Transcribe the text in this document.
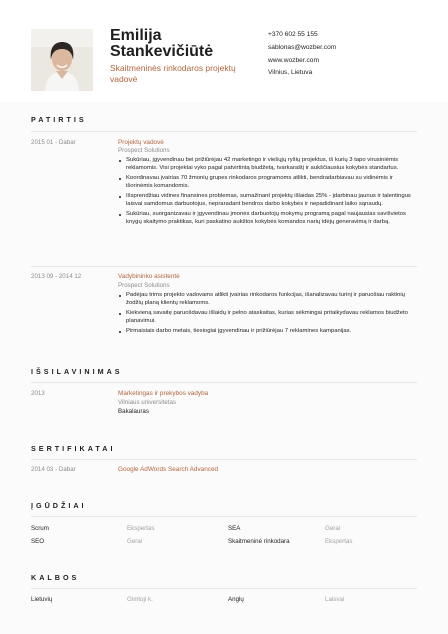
Emilija
Stankevičiūtė
Skaitmeninės rinkodaros projektų vadovė
+370 602 55 155
sablonas@wozber.com
www.wozber.com
Vilnius, Lietuva
PATIRTIS
2015 01 - Dabar	Projektų vadovė
Prospect Solutions
Sukūriau, įgyvendinau bei prižiūrėjau 42 marketingo ir viešųjų ryšių projektus, iš kurių 3 tapo virusiniėmis reklamomis. Visi projektai vyko pagal patvirtintą biudžetą, tvarkaraštį ir aukščiausius kokybės standartus.
Koordinavau įvairias 70 žmonių grupes rinkodaros programoms atlikti, bendradarbiavau su vidinėmis ir išorinėmis komandomis.
Išsprendžiau vidines finansines problemas, sumažinant projektų išlaidas 25% - įdarbinau jaunus ir talentingus laisvai samdomus darbuotojus, nepraradant bendros darbo kokybės ir nepadidinant laiko sąnaudų.
Sukūriau, suorganizavau ir įgyvendinau įmonės darbuotojų mokymų programą pagal naujausias savišvietos knygų skaitymo praktikas, kuri paskatino aukštos kokybės komandos narių idėjų generavimą ir darbą.
2013 09 - 2014 12	Vadybininko asistentė
Prospect Solutions
Padėjau trims projekto vadovams atlikti įvairias rinkodaros funkcijas, išanalizavau turinį ir paruošiau raktinių žodžių planą klientų reklamoms.
Kiekvieną savaitę paruošdavau išlaidų ir pelno ataskaitas, kurias sėkmingai pritaikydavau reklamos biudžeto planavimui.
Pirmaisiais darbo metais, tiesiogiai įgyvendinau ir prižiūrėjau 7 reklamines kampanijas.
IŠSILAVINIMAS
2013	Marketingas ir prekybos vadyba
Vilniaus universitetas
Bakalauras
SERTIFIKATAI
2014 03 - Dabar	Google AdWords Search Advanced
ĮGŪDŽIAI
Scrum	Ekspertas	SEA	Gerai
SEO	Gerai	Skaitmeninė rinkodara	Ekspertas
KALBOS
Lietuvių	Gimtoji k.	Anglų	Laisvai
